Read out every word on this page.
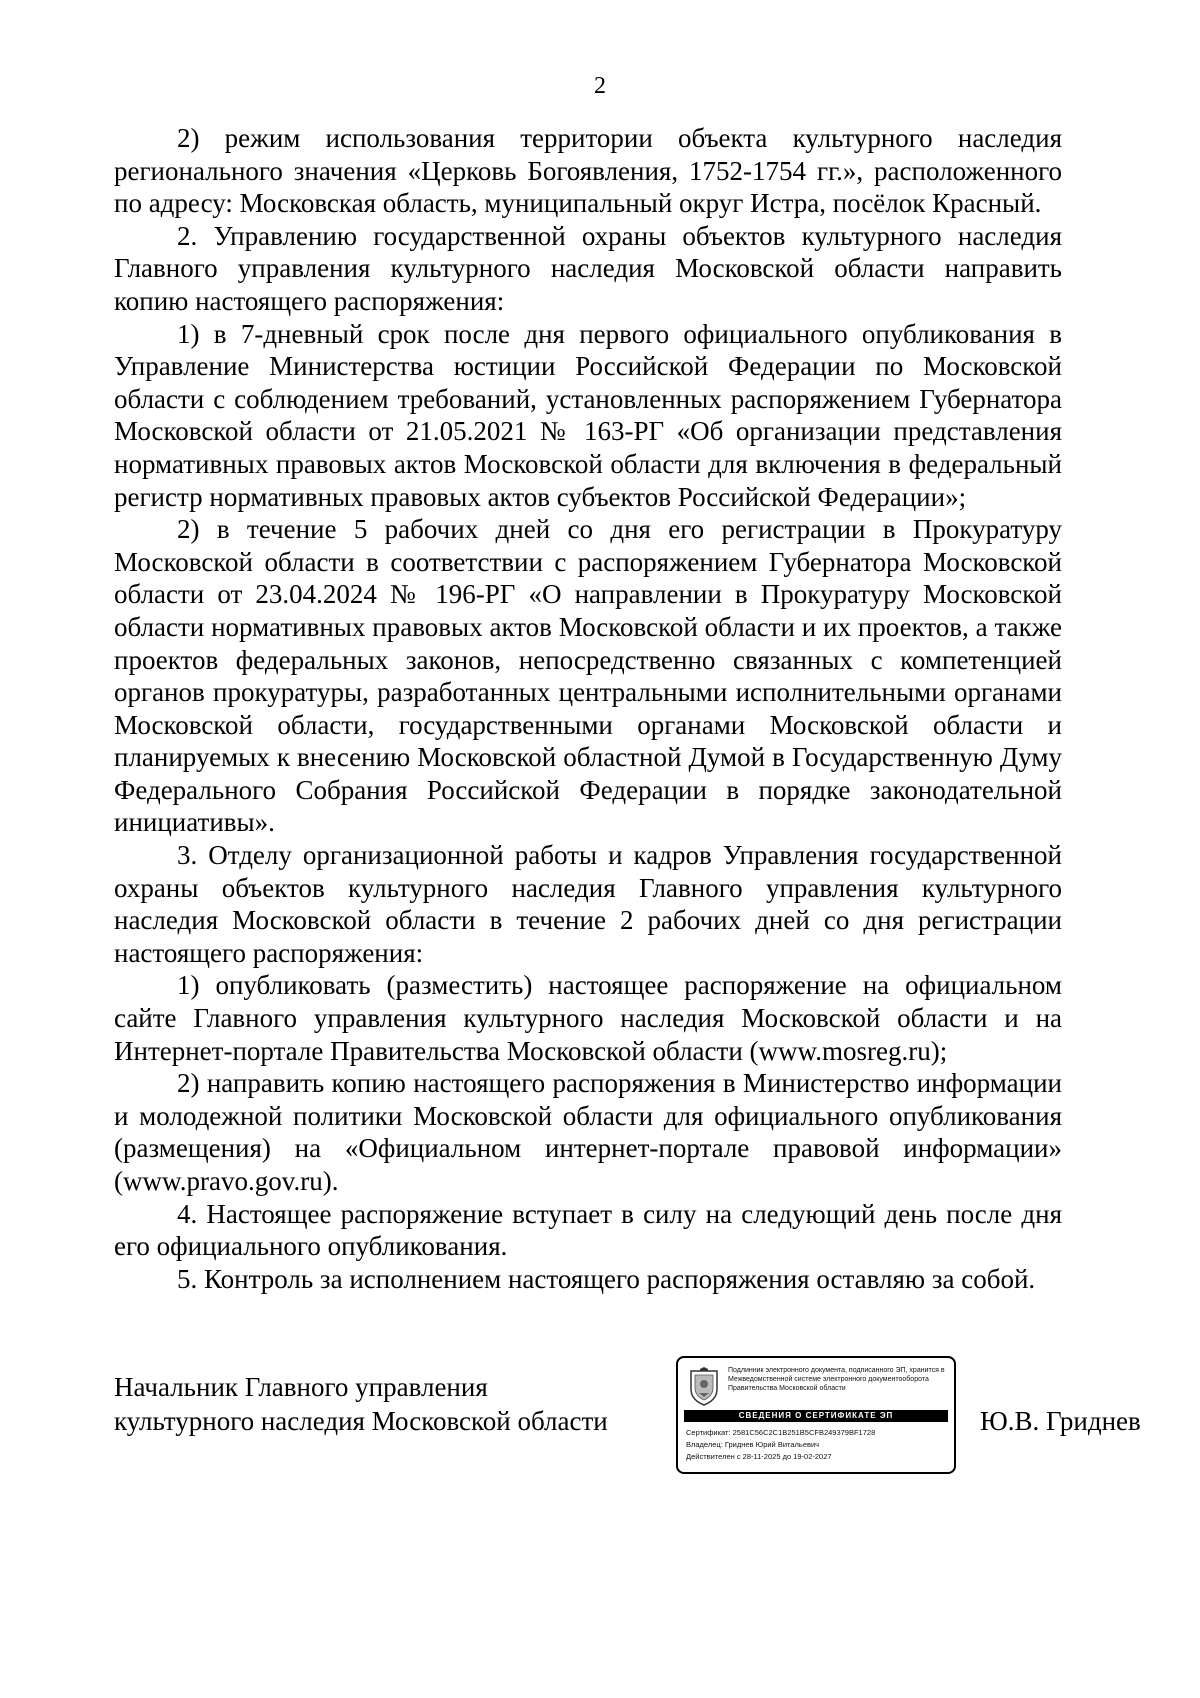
2

2) режим использования территории объекта культурного наследия регионального значения «Церковь Богоявления, 1752-1754 гг.», расположенного по адресу: Московская область, муниципальный округ Истра, посёлок Красный.

2. Управлению государственной охраны объектов культурного наследия Главного управления культурного наследия Московской области направить копию настоящего распоряжения:

1) в 7-дневный срок после дня первого официального опубликования в Управление Министерства юстиции Российской Федерации по Московской области с соблюдением требований, установленных распоряжением Губернатора Московской области от 21.05.2021 № 163-РГ «Об организации представления нормативных правовых актов Московской области для включения в федеральный регистр нормативных правовых актов субъектов Российской Федерации»;

2) в течение 5 рабочих дней со дня его регистрации в Прокуратуру Московской области в соответствии с распоряжением Губернатора Московской области от 23.04.2024 № 196-РГ «О направлении в Прокуратуру Московской области нормативных правовых актов Московской области и их проектов, а также проектов федеральных законов, непосредственно связанных с компетенцией органов прокуратуры, разработанных центральными исполнительными органами Московской области, государственными органами Московской области и планируемых к внесению Московской областной Думой в Государственную Думу Федерального Собрания Российской Федерации в порядке законодательной инициативы».

3. Отделу организационной работы и кадров Управления государственной охраны объектов культурного наследия Главного управления культурного наследия Московской области в течение 2 рабочих дней со дня регистрации настоящего распоряжения:

1) опубликовать (разместить) настоящее распоряжение на официальном сайте Главного управления культурного наследия Московской области и на Интернет-портале Правительства Московской области (www.mosreg.ru);

2) направить копию настоящего распоряжения в Министерство информации и молодежной политики Московской области для официального опубликования (размещения) на «Официальном интернет-портале правовой информации» (www.pravo.gov.ru).

4. Настоящее распоряжение вступает в силу на следующий день после дня его официального опубликования.

5. Контроль за исполнением настоящего распоряжения оставляю за собой.

Начальник Главного управления
культурного наследия Московской области
Подлинник электронного документа, подписанного ЭП, хранится в Межведомственной системе электронного документооборота Правительства Московской области
СВЕДЕНИЯ О СЕРТИФИКАТЕ ЭП
Сертификат: 2581C56C2C1B251B5CFB249379BF1728
Владелец: Гриднев Юрий Витальевич
Действителен с 28-11-2025 до 19-02-2027
Ю.В. Гриднев
